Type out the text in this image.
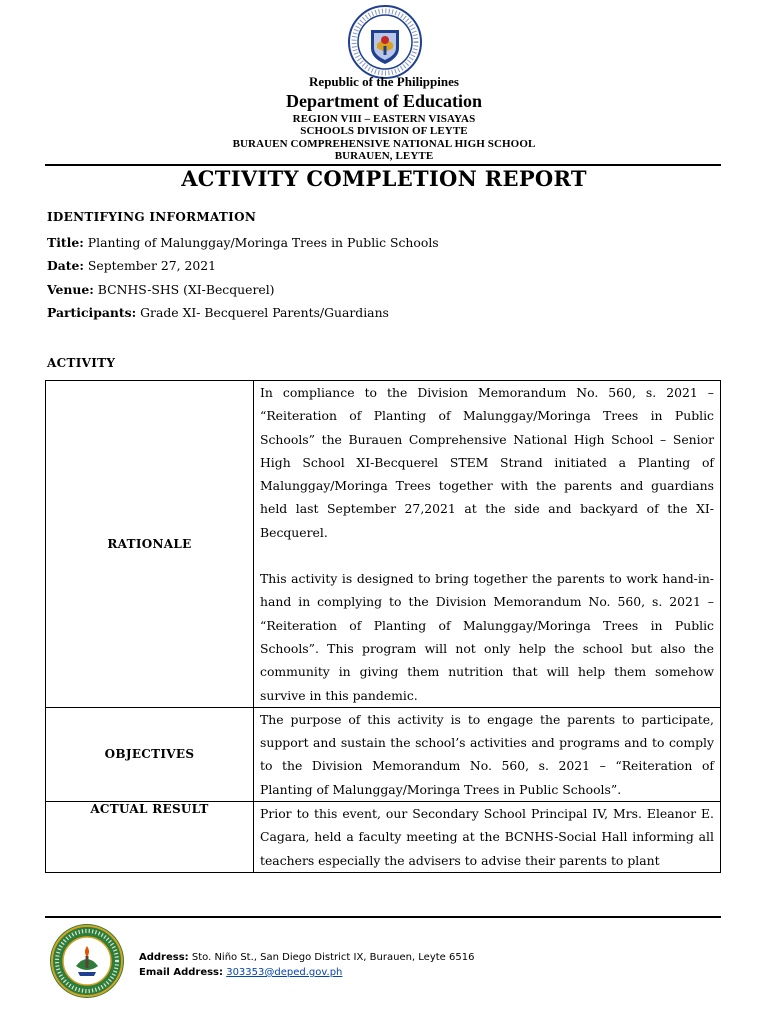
Republic of the Philippines
Department of Education
REGION VIII – EASTERN VISAYAS
SCHOOLS DIVISION OF LEYTE
BURAUEN COMPREHENSIVE NATIONAL HIGH SCHOOL
BURAUEN, LEYTE
ACTIVITY COMPLETION REPORT
IDENTIFYING INFORMATION
Title: Planting of Malunggay/Moringa Trees in Public Schools
Date: September 27, 2021
Venue: BCNHS-SHS (XI-Becquerel)
Participants: Grade XI- Becquerel Parents/Guardians
ACTIVITY
RATIONALE	In compliance to the Division Memorandum No. 560, s. 2021 – “Reiteration of Planting of Malunggay/Moringa Trees in Public Schools” the Burauen Comprehensive National High School – Senior High School XI-Becquerel STEM Strand initiated a Planting of Malunggay/Moringa Trees together with the parents and guardians held last September 27,2021 at the side and backyard of the XI-Becquerel.

This activity is designed to bring together the parents to work hand-in-hand in complying to the Division Memorandum No. 560, s. 2021 – “Reiteration of Planting of Malunggay/Moringa Trees in Public Schools”. This program will not only help the school but also the community in giving them nutrition that will help them somehow survive in this pandemic.

OBJECTIVES	The purpose of this activity is to engage the parents to participate, support and sustain the school’s activities and programs and to comply to the Division Memorandum No. 560, s. 2021 – “Reiteration of Planting of Malunggay/Moringa Trees in Public Schools”.

ACTUAL RESULT	Prior to this event, our Secondary School Principal IV, Mrs. Eleanor E. Cagara, held a faculty meeting at the BCNHS-Social Hall informing all teachers especially the advisers to advise their parents to plant

Address: Sto. Niño St., San Diego District IX, Burauen, Leyte 6516
Email Address: 303353@deped.gov.ph
